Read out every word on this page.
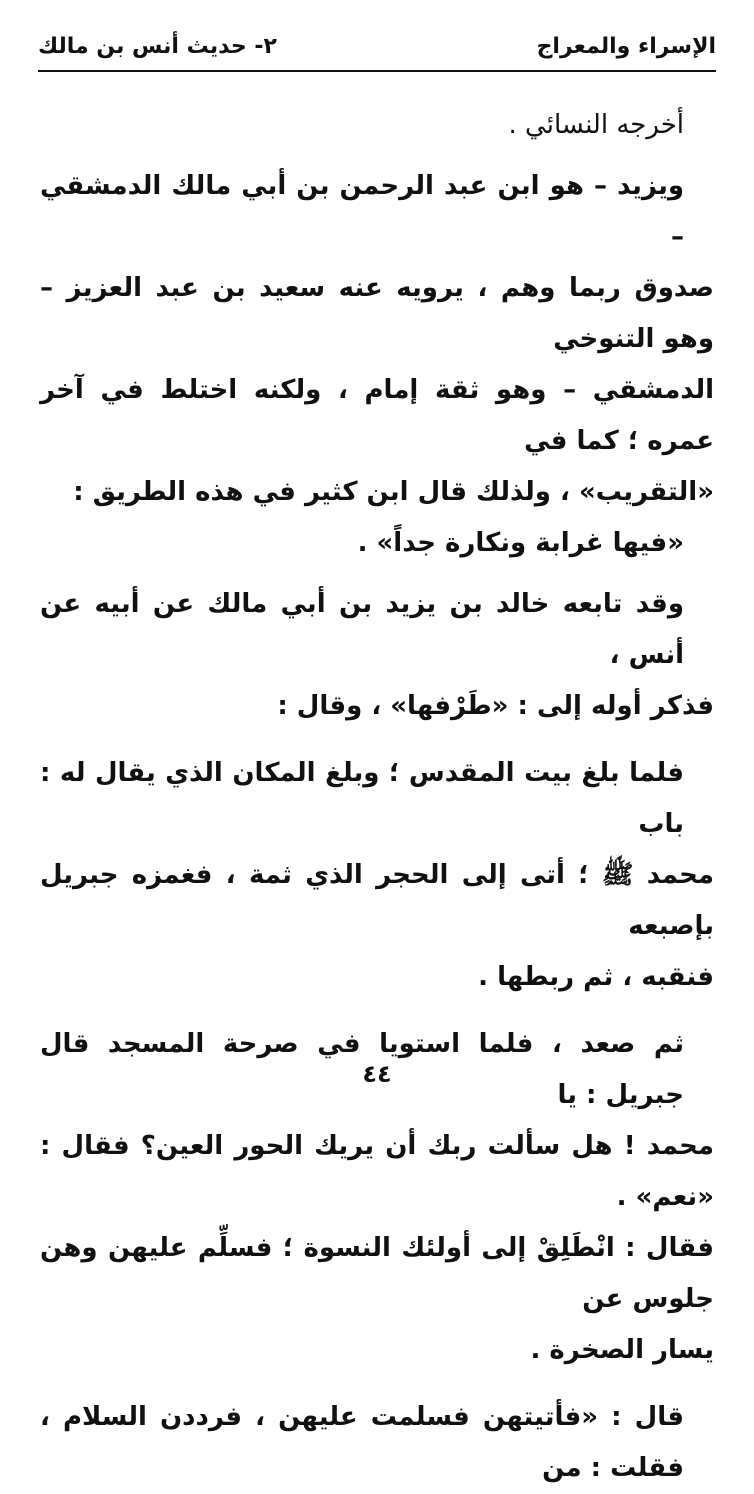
الإسراء والمعراج
٢- حديث أنس بن مالك

أخرجه النسائي .

ويزيد – هو ابن عبد الرحمن بن أبي مالك الدمشقي –

صدوق ربما وهم ، يرويه عنه سعيد بن عبد العزيز – وهو التنوخي
الدمشقي – وهو ثقة إمام ، ولكنه اختلط في آخر عمره ؛ كما في
«التقريب» ، ولذلك قال ابن كثير في هذه الطريق :

«فيها غرابة ونكارة جداً» .

وقد تابعه خالد بن يزيد بن أبي مالك عن أبيه عن أنس ،

فذكر أوله إلى : «طَرْفها» ، وقال :

فلما بلغ بيت المقدس ؛ وبلغ المكان الذي يقال له : باب

محمد ﷺ ؛ أتى إلى الحجر الذي ثمة ، فغمزه جبريل بإصبعه
فنقبه ، ثم ربطها .

ثم صعد ، فلما استويا في صرحة المسجد قال جبريل : يا

محمد ! هل سألت ربك أن يريك الحور العين؟ فقال : «نعم» .
فقال : انْطَلِقْ إلى أولئك النسوة ؛ فسلِّم عليهن وهن جلوس عن
يسار الصخرة .

قال : «فأتيتهن فسلمت عليهن ، فرددن السلام ، فقلت : من

٤٤
